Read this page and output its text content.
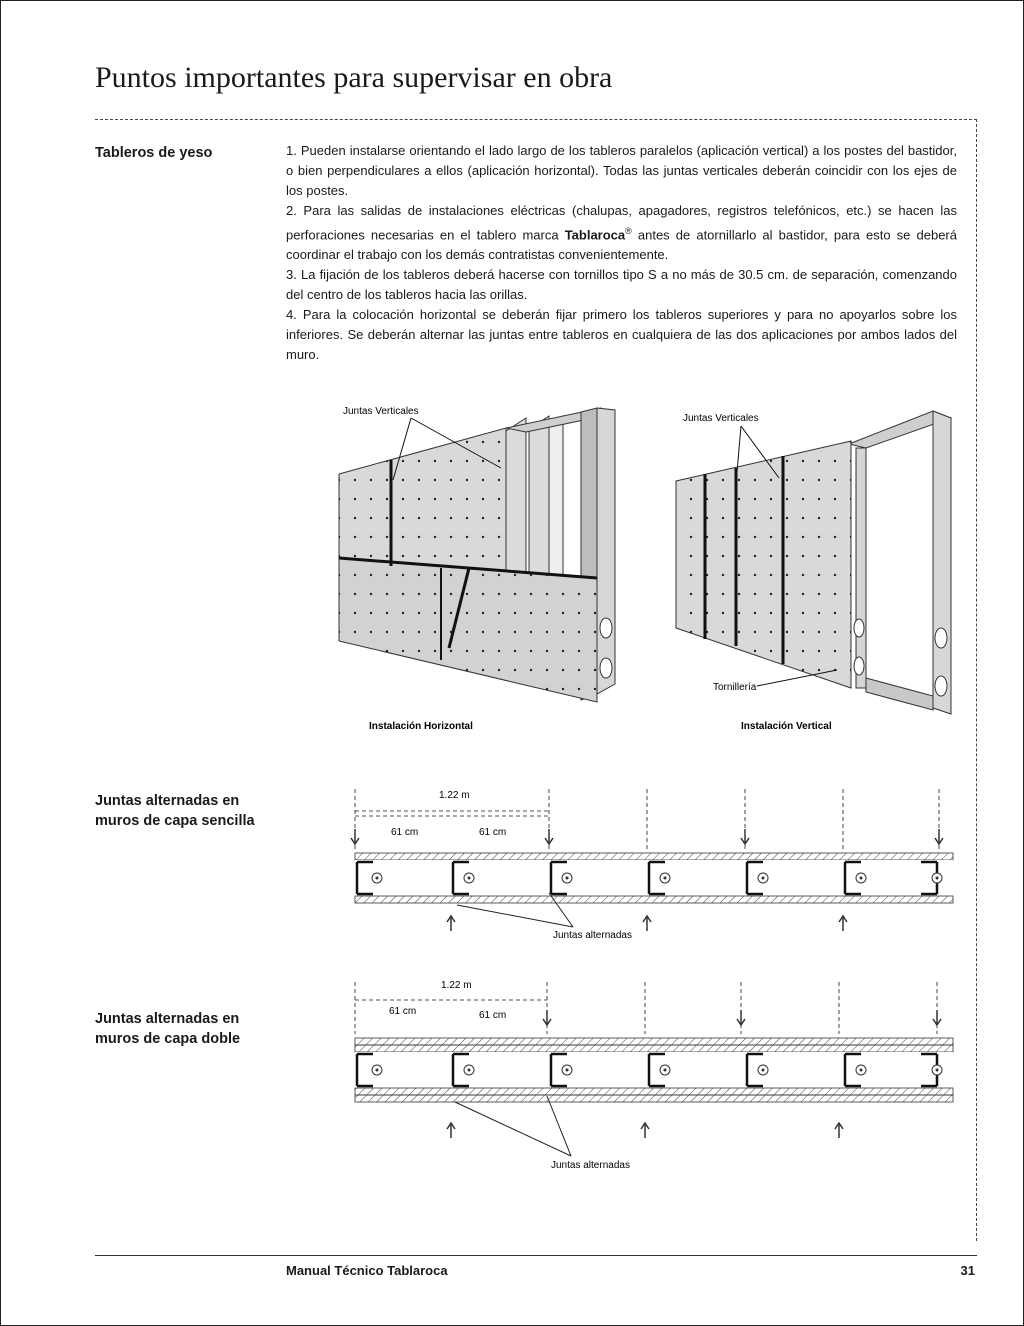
Puntos importantes para supervisar en obra
Tableros de yeso	1. Pueden instalarse orientando el lado largo de los tableros paralelos (aplicación vertical) a los postes del bastidor, o bien perpendiculares a ellos (aplicación horizontal). Todas las juntas verticales deberán coincidir con los ejes de los postes.

2. Para las salidas de instalaciones eléctricas (chalupas, apagadores, registros telefónicos, etc.) se hacen las perforaciones necesarias en el tablero marca Tablaroca® antes de atornillarlo al bastidor, para esto se deberá coordinar el trabajo con los demás contratistas convenientemente.

3. La fijación de los tableros deberá hacerse con tornillos tipo S a no más de 30.5 cm. de separación, comenzando del centro de los tableros hacia las orillas.

4. Para la colocación horizontal se deberán fijar primero los tableros superiores y para no apoyarlos sobre los inferiores. Se deberán alternar las juntas entre tableros en cualquiera de las dos aplicaciones por ambos lados del muro.

Juntas Verticales
Instalación Horizontal
Juntas Verticales
Tornillería
Instalación Vertical
Juntas alternadas en
muros de capa sencilla
1.22 m
61 cm	61 cm
Juntas alternadas
Juntas alternadas en
muros de capa doble
1.22 m
61 cm	61 cm
Juntas alternadas
Manual Técnico Tablaroca	31
